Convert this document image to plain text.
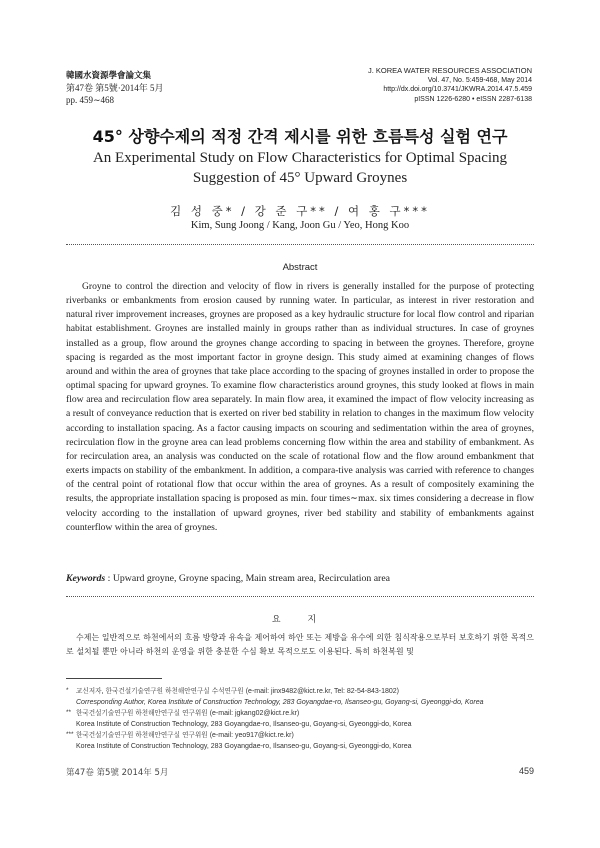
韓國水資源學會論文集
第47卷 第5號·2014年 5月
pp. 459∼468
J. KOREA WATER RESOURCES ASSOCIATION
Vol. 47, No. 5:459-468, May 2014
http://dx.doi.org/10.3741/JKWRA.2014.47.5.459
pISSN 1226-6280 • eISSN 2287-6138
45° 상향수제의 적정 간격 제시를 위한 흐름특성 실험 연구
An Experimental Study on Flow Characteristics for Optimal Spacing
Suggestion of 45° Upward Groynes
김 성 중* / 강 준 구** / 여 홍 구***
Kim, Sung Joong / Kang, Joon Gu / Yeo, Hong Koo
Abstract

Groyne to control the direction and velocity of flow in rivers is generally installed for the purpose of protecting riverbanks or embankments from erosion caused by running water. In particular, as interest in river restoration and natural river improvement increases, groynes are proposed as a key hydraulic structure for local flow control and riparian habitat establishment. Groynes are installed mainly in groups rather than as individual structures. In case of groynes installed as a group, flow around the groynes change according to spacing in between the groynes. Therefore, groyne spacing is regarded as the most important factor in groyne design. This study aimed at examining changes of flows around and within the area of groynes that take place according to the spacing of groynes installed in order to propose the optimal spacing for upward groynes. To examine flow characteristics around groynes, this study looked at flows in main flow area and recirculation flow area separately. In main flow area, it examined the impact of flow velocity increasing as a result of conveyance reduction that is exerted on river bed stability in relation to changes in the maximum flow velocity according to installation spacing. As a factor causing impacts on scouring and sedimentation within the area of groynes, recirculation flow in the groyne area can lead problems concerning flow within the area and stability of embankment. As for recirculation area, an analysis was conducted on the scale of rotational flow and the flow around embankment that exerts impacts on stability of the embankment. In addition, a compara-tive analysis was carried with reference to changes of the central point of rotational flow that occur within the area of groynes. As a result of compositely examining the results, the appropriate installation spacing is proposed as min. four times∼max. six times considering a decrease in flow velocity according to the installation of upward groynes, river bed stability and stability of embankments against counterflow within the area of groynes.

Keywords : Upward groyne, Groyne spacing, Main stream area, Recirculation area
요 지

수제는 일반적으로 하천에서의 흐름 방향과 유속을 제어하여 하안 또는 제방을 유수에 의한 침식작용으로부터 보호하기 위한 목적으로 설치될 뿐만 아니라 하천의 운영을 위한 충분한 수심 확보 목적으로도 이용된다. 특히 하천복원 및

* 교신저자, 한국건설기술연구원 하천해안연구실 수석연구원 (e-mail: jinx9482@kict.re.kr, Tel: 82-54-843-1802)
Corresponding Author, Korea Institute of Construction Technology, 283 Goyangdae-ro, Ilsanseo-gu, Goyang-si, Gyeonggi-do, Korea
** 한국건설기술연구원 하천해안연구실 연구위원 (e-mail: jgkang02@kict.re.kr)
Korea Institute of Construction Technology, 283 Goyangdae-ro, Ilsanseo-gu, Goyang-si, Gyeonggi-do, Korea
*** 한국건설기술연구원 하천해안연구실 연구위원 (e-mail: yeo917@kict.re.kr)
Korea Institute of Construction Technology, 283 Goyangdae-ro, Ilsanseo-gu, Goyang-si, Gyeonggi-do, Korea
第47卷 第5號 2014年 5月	459
